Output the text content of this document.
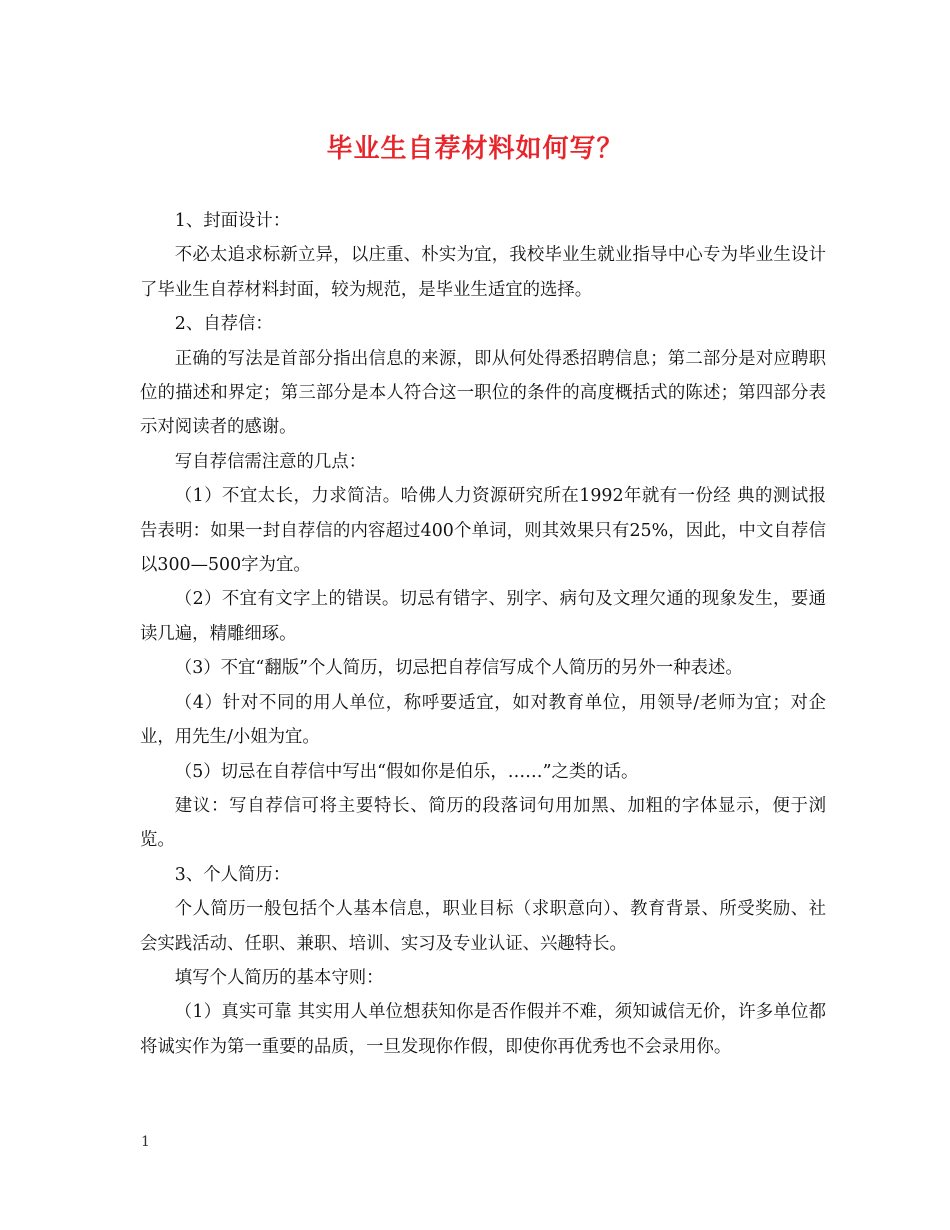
毕业生自荐材料如何写？

1、封面设计：

不必太追求标新立异，以庄重、朴实为宜，我校毕业生就业指导中心专为毕业生设计了毕业生自荐材料封面，较为规范，是毕业生适宜的选择。

2、自荐信：

正确的写法是首部分指出信息的来源，即从何处得悉招聘信息；第二部分是对应聘职位的描述和界定；第三部分是本人符合这一职位的条件的高度概括式的陈述；第四部分表示对阅读者的感谢。

写自荐信需注意的几点：

（1）不宜太长，力求简洁。哈佛人力资源研究所在1992年就有一份经 典的测试报告表明：如果一封自荐信的内容超过400个单词，则其效果只有25%，因此，中文自荐信以300—500字为宜。

（2）不宜有文字上的错误。切忌有错字、别字、病句及文理欠通的现象发生，要通读几遍，精雕细琢。

（3）不宜“翻版”个人简历，切忌把自荐信写成个人简历的另外一种表述。

（4）针对不同的用人单位，称呼要适宜，如对教育单位，用领导/老师为宜；对企业，用先生/小姐为宜。

（5）切忌在自荐信中写出“假如你是伯乐，……”之类的话。

建议：写自荐信可将主要特长、简历的段落词句用加黑、加粗的字体显示，便于浏览。

3、个人简历：

个人简历一般包括个人基本信息，职业目标（求职意向）、教育背景、所受奖励、社会实践活动、任职、兼职、培训、实习及专业认证、兴趣特长。

填写个人简历的基本守则：

（1）真实可靠 其实用人单位想获知你是否作假并不难，须知诚信无价，许多单位都将诚实作为第一重要的品质，一旦发现你作假，即使你再优秀也不会录用你。

1
